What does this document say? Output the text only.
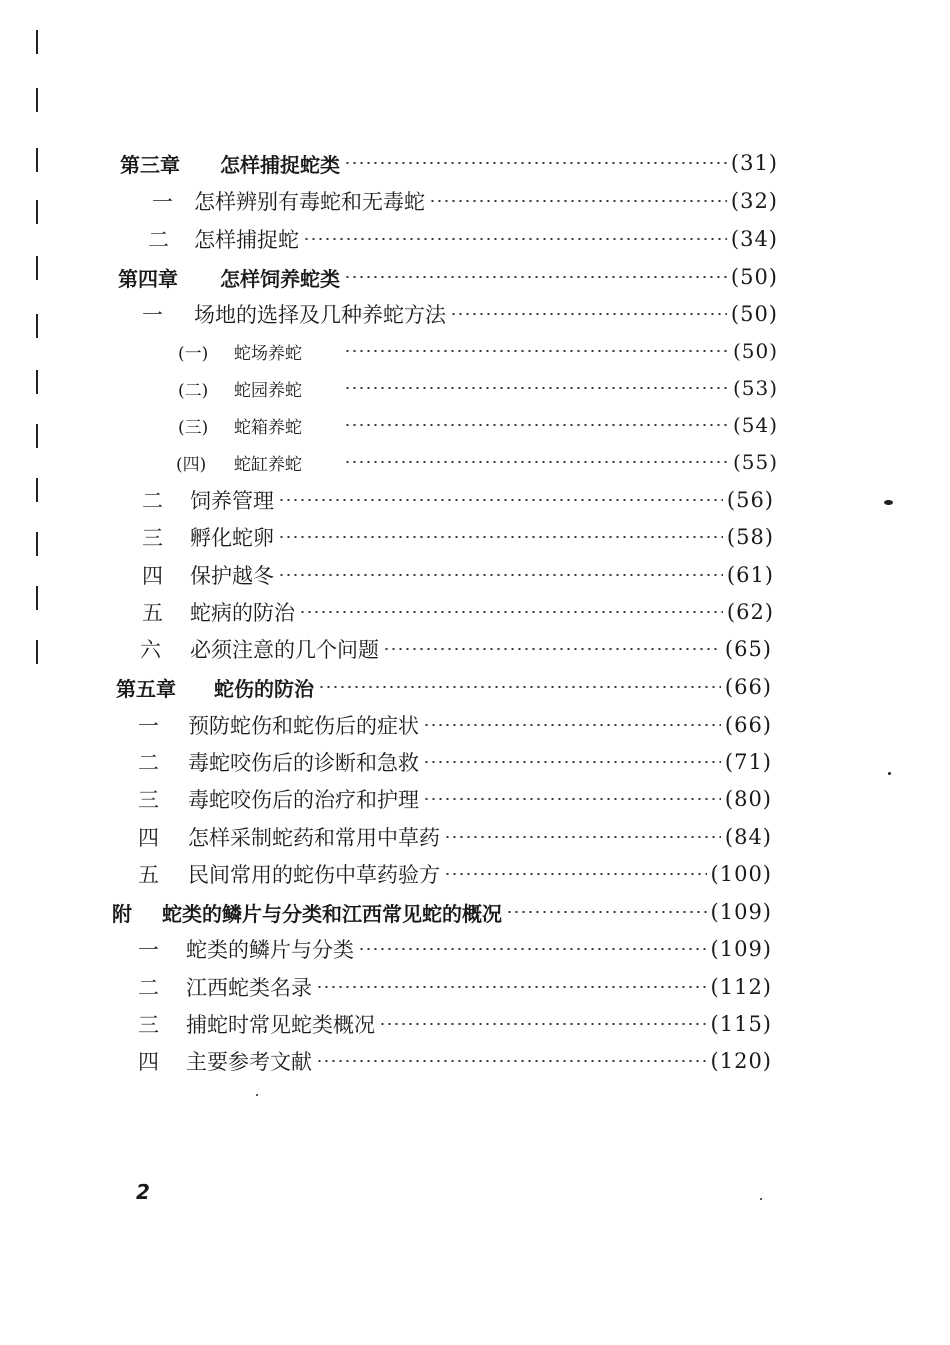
第三章	怎样捕捉蛇类	(31)
一	怎样辨别有毒蛇和无毒蛇	(32)
二	怎样捕捉蛇	(34)
第四章	怎样饲养蛇类	(50)
一	场地的选择及几种养蛇方法	(50)
(一)	蛇场养蛇	(50)
(二)	蛇园养蛇	(53)
(三)	蛇箱养蛇	(54)
(四)	蛇缸养蛇	(55)
二	饲养管理	(56)
三	孵化蛇卵	(58)
四	保护越冬	(61)
五	蛇病的防治	(62)
六	必须注意的几个问题	(65)
第五章	蛇伤的防治	(66)
一	预防蛇伤和蛇伤后的症状	(66)
二	毒蛇咬伤后的诊断和急救	(71)
三	毒蛇咬伤后的治疗和护理	(80)
四	怎样采制蛇药和常用中草药	(84)
五	民间常用的蛇伤中草药验方	(100)
附	蛇类的鳞片与分类和江西常见蛇的概况	(109)
一	蛇类的鳞片与分类	(109)
二	江西蛇类名录	(112)
三	捕蛇时常见蛇类概况	(115)
四	主要参考文献	(120)
2
